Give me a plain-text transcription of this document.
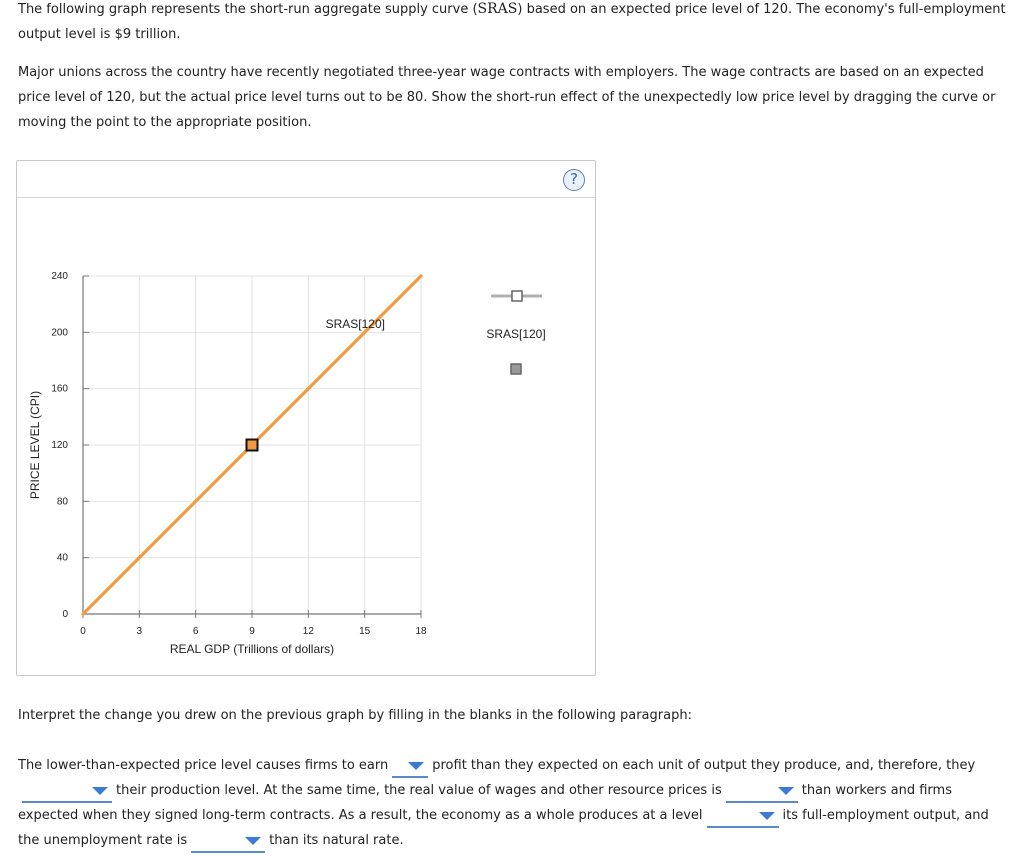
The following graph represents the short-run aggregate supply curve (SRAS) based on an expected price level of 120. The economy's full-employment output level is $9 trillion.
Major unions across the country have recently negotiated three-year wage contracts with employers. The wage contracts are based on an expected price level of 120, but the actual price level turns out to be 80. Show the short-run effect of the unexpectedly low price level by dragging the curve or moving the point to the appropriate position.
?
0	3	6	9	12	15	18
0
40
80
120
160
200
240
PRICE LEVEL (CPI)
REAL GDP (Trillions of dollars)
SRAS[120]
SRAS[120]
Interpret the change you drew on the previous graph by filling in the blanks in the following paragraph:
The lower-than-expected price level causes firms to earn	profit than they expected on each unit of output they produce, and, therefore, they

their production level. At the same time, the real value of wages and other resource prices is	than workers and firms expected when they signed long-term contracts. As a result, the economy as a whole produces at a level	its full-employment output, and the unemployment rate is	than its natural rate.
